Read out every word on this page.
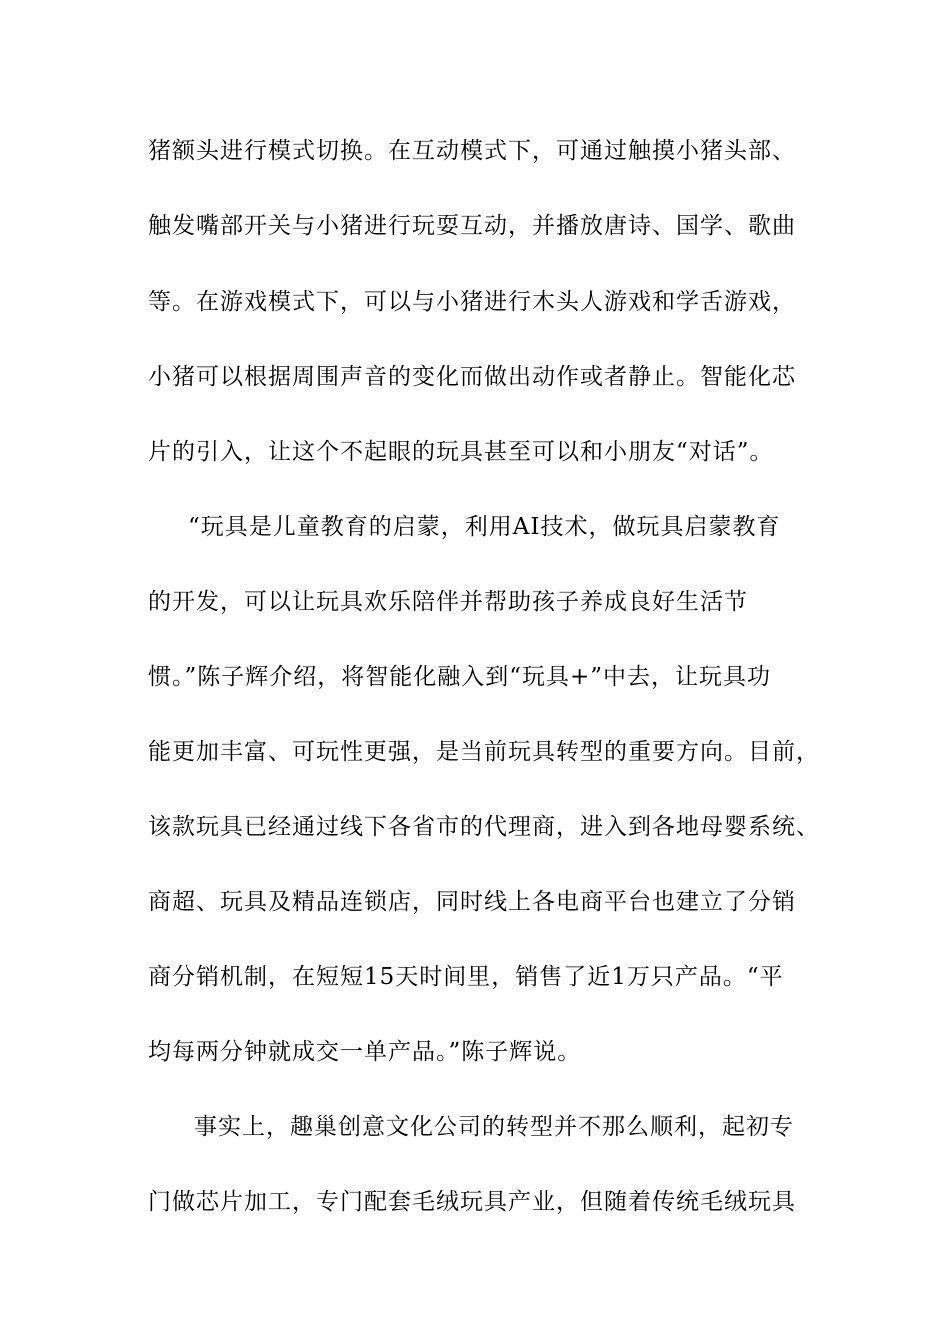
猪额头进行模式切换。在互动模式下，可通过触摸小猪头部、
触发嘴部开关与小猪进行玩耍互动，并播放唐诗、国学、歌曲
等。在游戏模式下，可以与小猪进行木头人游戏和学舌游戏，
小猪可以根据周围声音的变化而做出动作或者静止。智能化芯
片的引入，让这个不起眼的玩具甚至可以和小朋友“对话”。
“玩具是儿童教育的启蒙，利用AI技术，做玩具启蒙教育
的开发，可以让玩具欢乐陪伴并帮助孩子养成良好生活节
惯。”陈子辉介绍，将智能化融入到“玩具+”中去，让玩具功
能更加丰富、可玩性更强，是当前玩具转型的重要方向。目前，
该款玩具已经通过线下各省市的代理商，进入到各地母婴系统、
商超、玩具及精品连锁店，同时线上各电商平台也建立了分销
商分销机制，在短短15天时间里，销售了近1万只产品。“平
均每两分钟就成交一单产品。”陈子辉说。
事实上，趣巢创意文化公司的转型并不那么顺利，起初专
门做芯片加工，专门配套毛绒玩具产业，但随着传统毛绒玩具
